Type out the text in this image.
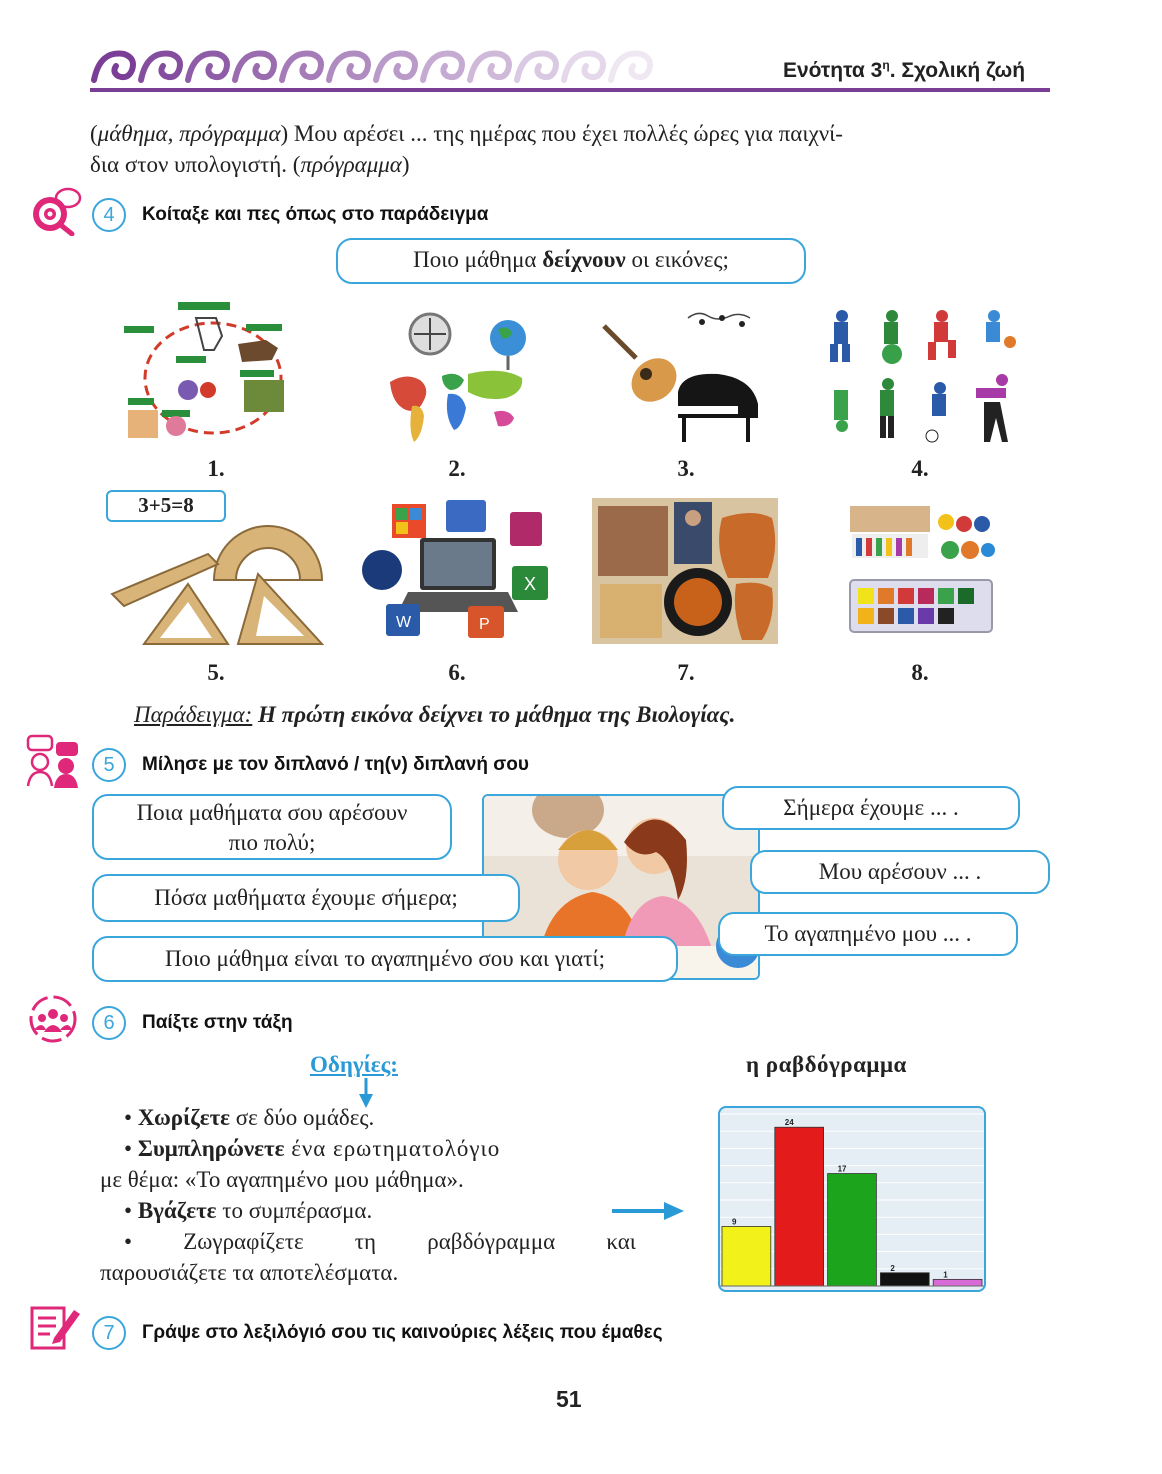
Ενότητα $3^\eta$. Σχολική ζωή
(μάθημα, πρόγραμμα) Μου αρέσει ... της ημέρας που έχει πολλές ώρες για παιχνί-
δια στον υπολογιστή. (πρόγραμμα)
4	Κοίταξε και πες όπως στο παράδειγμα
Ποιο μάθημα δείχνουν οι εικόνες;
1.	2.	3.	4.
3+5=8
5.
X
W	P
6.	7.	8.
Παράδειγμα: Η πρώτη εικόνα δείχνει το μάθημα της Βιολογίας.
5	Μίλησε με τον διπλανό / τη(ν) διπλανή σου
Ποια μαθήματα σου αρέσουν
πιο πολύ;
Πόσα μαθήματα έχουμε σήμερα;
Ποιο μάθημα είναι το αγαπημένο σου και γιατί;
Σήμερα έχουμε ... .
Μου αρέσουν ... .
Το αγαπημένο μου ... .
6	Παίξτε στην τάξη
Οδηγίες:
• Χωρίζετε σε δύο ομάδες.
• Συμπληρώνετε ένα ερωτηματολόγιο
με θέμα: «Το αγαπημένο μου μάθημα».
• Βγάζετε το συμπέρασμα.
• Ζωγραφίζετε τη ραβδόγραμμα και
παρουσιάζετε τα αποτελέσματα.
η ραβδόγραμμα
9
24
17
2
1
7	Γράψε στο λεξιλόγιό σου τις καινούριες λέξεις που έμαθες
51
